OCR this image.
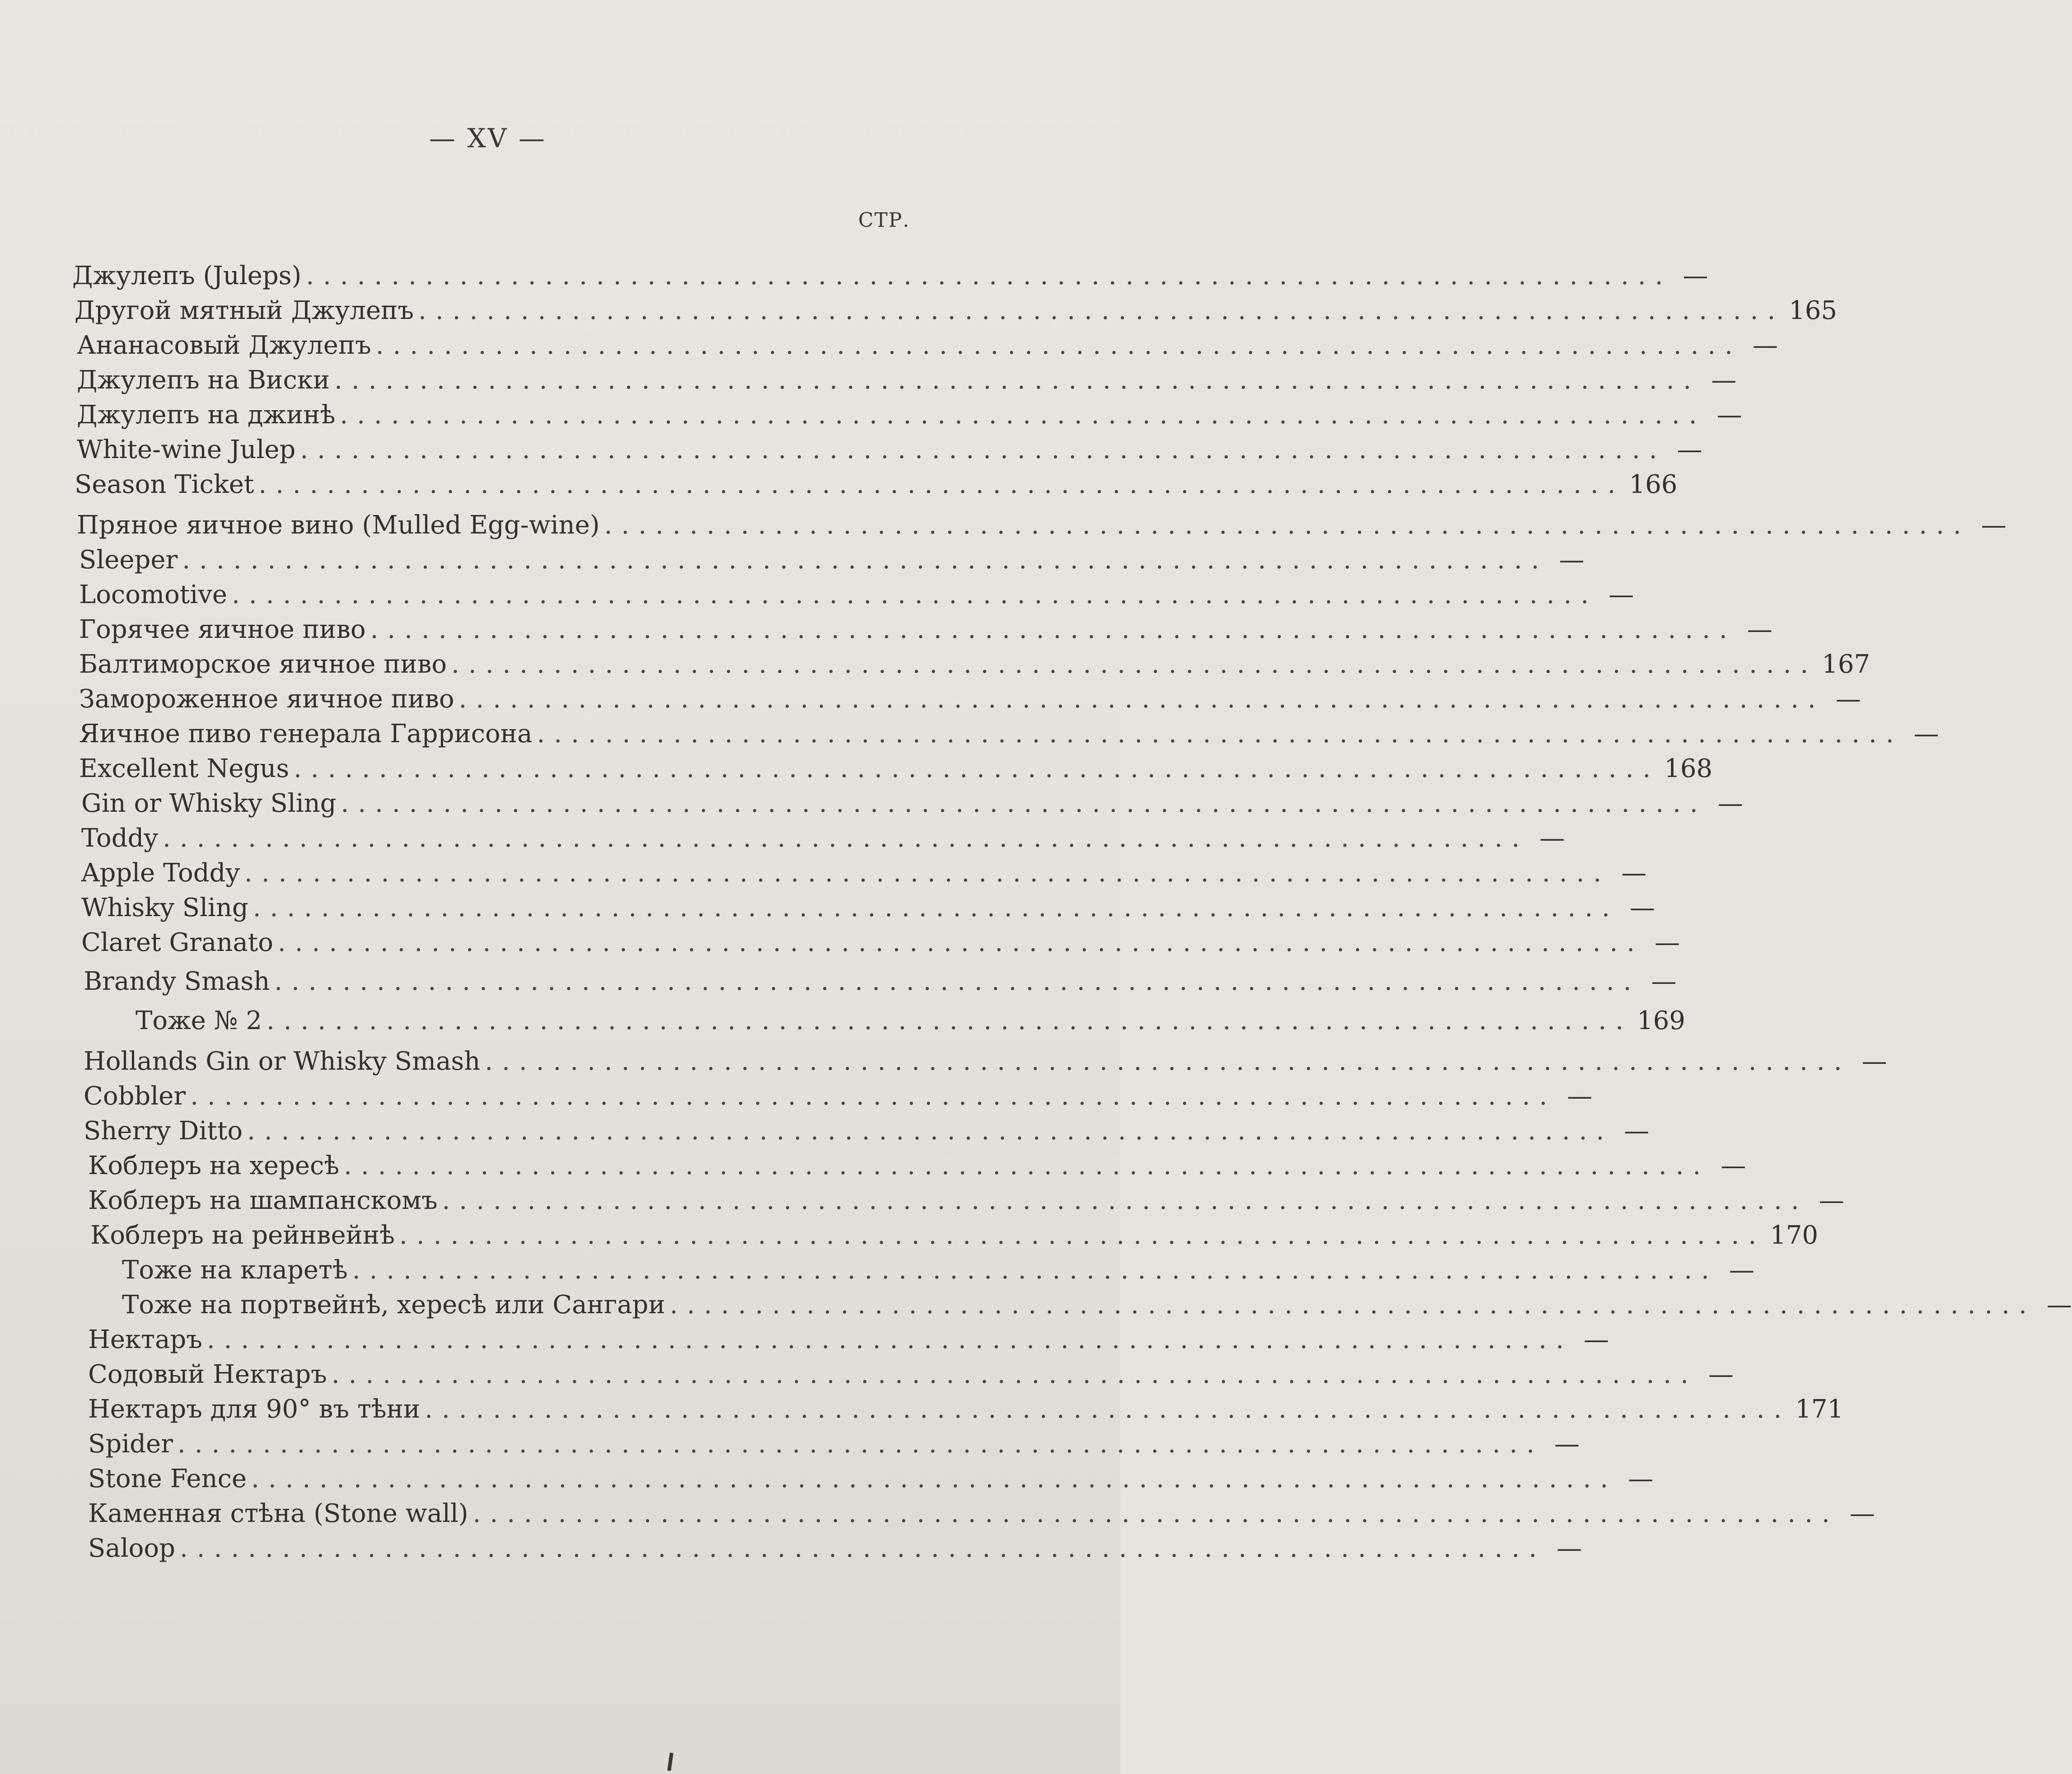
— XV —
СТР.
Джулепъ (Juleps) ................................................................................ —
Другой мятный Джулепъ ................................................................................ 165
Ананасовый Джулепъ ................................................................................ —
Джулепъ на Виски ................................................................................ —
Джулепъ на джинѣ ................................................................................ —
White-wine Julep ................................................................................ —
Season Ticket ................................................................................ 166
Пряное яичное вино (Mulled Egg-wine) ................................................................................ —
Sleeper ................................................................................ —
Locomotive ................................................................................ —
Горячее яичное пиво ................................................................................ —
Балтиморское яичное пиво ................................................................................ 167
Замороженное яичное пиво ................................................................................ —
Яичное пиво генерала Гаррисона ................................................................................ —
Excellent Negus ................................................................................ 168
Gin or Whisky Sling ................................................................................ —
Toddy ................................................................................ —
Apple Toddy ................................................................................ —
Whisky Sling ................................................................................ —
Claret Granato ................................................................................ —
Brandy Smash ................................................................................ —
Тоже № 2 ................................................................................ 169
Hollands Gin or Whisky Smash ................................................................................ —
Cobbler ................................................................................ —
Sherry Ditto ................................................................................ —
Коблеръ на хересѣ ................................................................................ —
Коблеръ на шампанскомъ ................................................................................ —
Коблеръ на рейнвейнѣ ................................................................................ 170
Тоже на кларетѣ ................................................................................ —
Тоже на портвейнѣ, хересѣ или Сангари ................................................................................ —
Нектаръ ................................................................................ —
Содовый Нектаръ ................................................................................ —
Нектаръ для 90° въ тѣни ................................................................................ 171
Spider ................................................................................ —
Stone Fence ................................................................................ —
Каменная стѣна (Stone wall) ................................................................................ —
Saloop ................................................................................ —
